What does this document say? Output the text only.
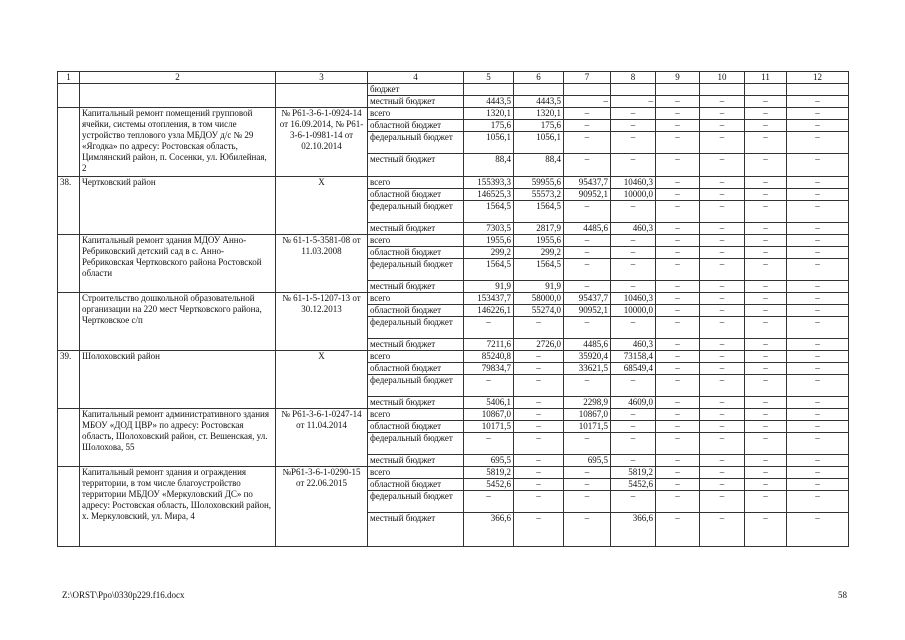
1	2	3	4	5	6	7	8	9	10	11	12
			бюджет								
			местный бюджет	4443,5	4443,5	–	–	–	–	–	–
	Капитальный ремонт помещений групповой ячейки, системы отопления, в том числе устройство теплового узла МБДОУ д/с № 29 «Ягодка» по адресу: Ростовская область, Цимлянский район, п. Сосенки, ул. Юбилейная, 2	№ Р61-3-6-1-0924-14 от 16.09.2014, № Р61-3-6-1-0981-14 от 02.10.2014	всего	1320,1	1320,1	–	–	–	–	–	–
			областной бюджет	175,6	175,6	–	–	–	–	–	–
			федеральный бюджет	1056,1	1056,1	–	–	–	–	–	–
			местный бюджет	88,4	88,4	–	–	–	–	–	–
38.	Чертковский район	Х	всего	155393,3	59955,6	95437,7	10460,3	–	–	–	–
			областной бюджет	146525,3	55573,2	90952,1	10000,0	–	–	–	–
			федеральный бюджет	1564,5	1564,5	–	–	–	–	–	–
			местный бюджет	7303,5	2817,9	4485,6	460,3	–	–	–	–
	Капитальный ремонт здания МДОУ Анно-Ребриковский детский сад в с. Анно-Ребриковская Чертковского района Ростовской области	№ 61-1-5-3581-08 от 11.03.2008	всего	1955,6	1955,6	–	–	–	–	–	–
			областной бюджет	299,2	299,2	–	–	–	–	–	–
			федеральный бюджет	1564,5	1564,5	–	–	–	–	–	–
			местный бюджет	91,9	91,9	–	–	–	–	–	–
	Строительство дошкольной образовательной организации на 220 мест Чертковского района, Чертковское с/п	№ 61-1-5-1207-13 от 30.12.2013	всего	153437,7	58000,0	95437,7	10460,3	–	–	–	–
			областной бюджет	146226,1	55274,0	90952,1	10000,0	–	–	–	–
			федеральный бюджет	–	–	–	–	–	–	–	–
			местный бюджет	7211,6	2726,0	4485,6	460,3	–	–	–	–
39.	Шолоховский район	Х	всего	85240,8	–	35920,4	73158,4	–	–	–	–
			областной бюджет	79834,7	–	33621,5	68549,4	–	–	–	–
			федеральный бюджет	–	–	–	–	–	–	–	–
			местный бюджет	5406,1	–	2298,9	4609,0	–	–	–	–
	Капитальный ремонт административного здания МБОУ «ДОД ЦВР» по адресу: Ростовская область, Шолоховский район, ст. Вешенская, ул. Шолохова, 55	№ Р61-3-6-1-0247-14 от 11.04.2014	всего	10867,0	–	10867,0	–	–	–	–	–
			областной бюджет	10171,5	–	10171,5	–	–	–	–	–
			федеральный бюджет	–	–	–	–	–	–	–	–
			местный бюджет	695,5	–	695,5	–	–	–	–	–
	Капитальный ремонт здания и ограждения территории, в том числе благоустройство территории МБДОУ «Меркуловский ДС» по адресу: Ростовская область, Шолоховский район, х. Меркуловский, ул. Мира, 4	№Р61-3-6-1-0290-15 от 22.06.2015	всего	5819,2	–	–	5819,2	–	–	–	–
			областной бюджет	5452,6	–	–	5452,6	–	–	–	–
			федеральный бюджет	–	–	–	–	–	–	–	–
			местный бюджет	366,6	–	–	366,6	–	–	–	–
Z:\ORST\Ppo\0330p229.f16.docx	58
